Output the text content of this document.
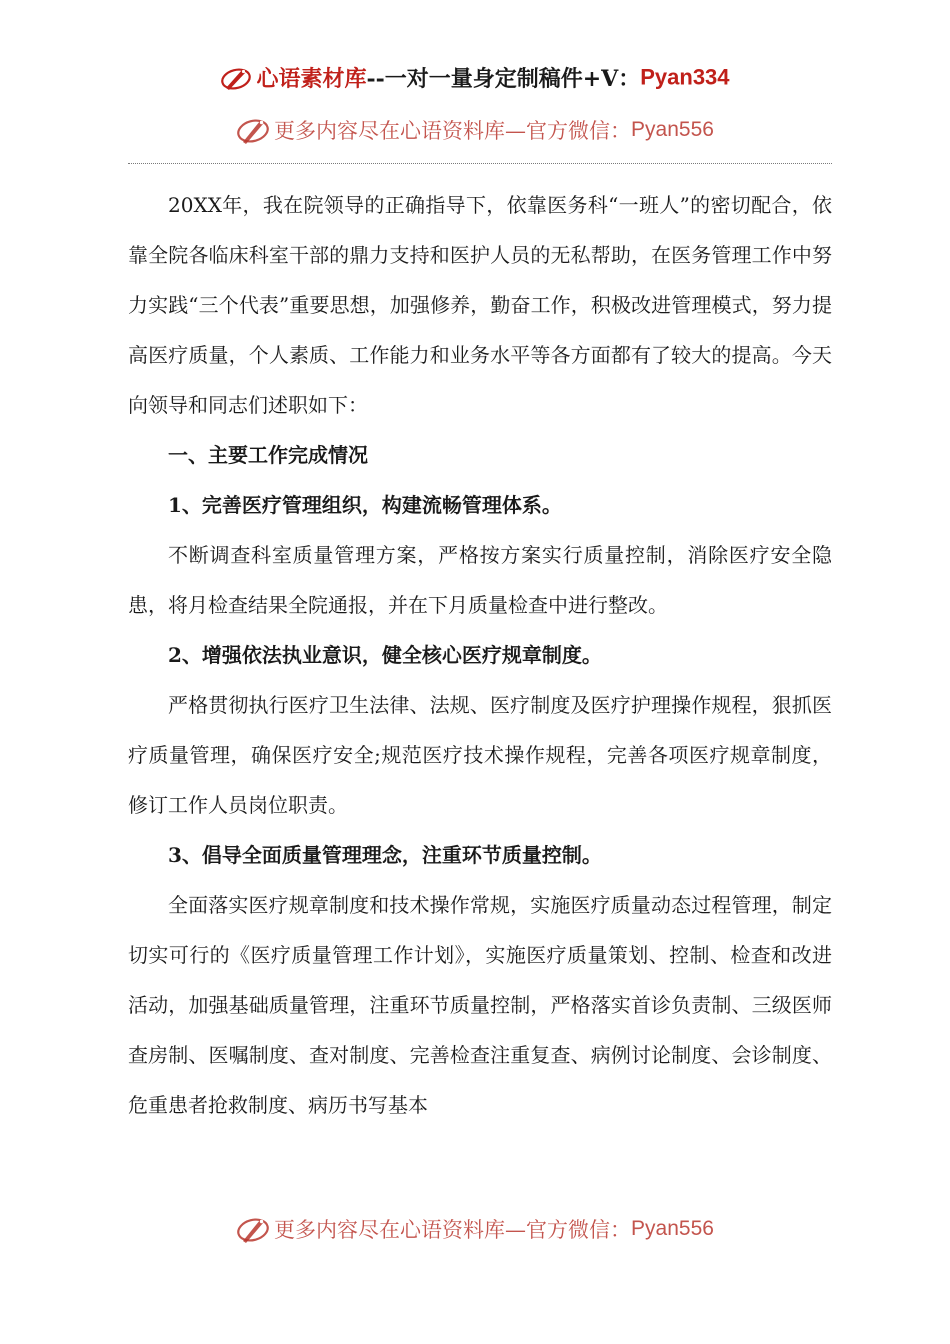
心语素材库--一对一量身定制稿件+V：Pyan334
更多内容尽在心语资料库—官方微信：Pyan556

20XX年，我在院领导的正确指导下，依靠医务科“一班人”的密切配合，依靠全院各临床科室干部的鼎力支持和医护人员的无私帮助，在医务管理工作中努力实践“三个代表”重要思想，加强修养，勤奋工作，积极改进管理模式，努力提高医疗质量，个人素质、工作能力和业务水平等各方面都有了较大的提高。今天向领导和同志们述职如下：

一、主要工作完成情况
1、完善医疗管理组织，构建流畅管理体系。

不断调查科室质量管理方案，严格按方案实行质量控制，消除医疗安全隐患，将月检查结果全院通报，并在下月质量检查中进行整改。

2、增强依法执业意识，健全核心医疗规章制度。

严格贯彻执行医疗卫生法律、法规、医疗制度及医疗护理操作规程，狠抓医疗质量管理，确保医疗安全;规范医疗技术操作规程，完善各项医疗规章制度，修订工作人员岗位职责。

3、倡导全面质量管理理念，注重环节质量控制。

全面落实医疗规章制度和技术操作常规，实施医疗质量动态过程管理，制定切实可行的《医疗质量管理工作计划》，实施医疗质量策划、控制、检查和改进活动，加强基础质量管理，注重环节质量控制，严格落实首诊负责制、三级医师查房制、医嘱制度、查对制度、完善检查注重复查、病例讨论制度、会诊制度、危重患者抢救制度、病历书写基本

更多内容尽在心语资料库—官方微信：Pyan556
